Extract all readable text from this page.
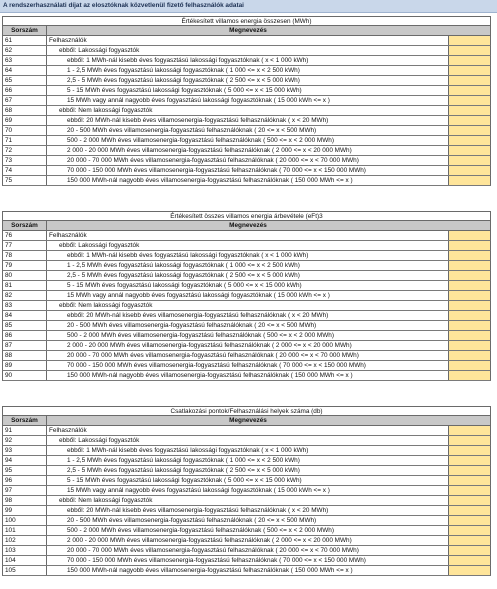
A rendszerhasználati díjat az elosztóknak közvetlenül fizető felhasználók adatai
Értékesített villamos energia összesen (MWh)
Sorszám	Megnevezés
61	Felhasználók
62	ebből: Lakossági fogyasztók
63	ebből: 1 MWh-nál kisebb éves fogyasztású lakossági fogyasztóknak ( x < 1 000 kWh)
64	1 - 2,5 MWh éves fogyasztású lakossági fogyasztóknak ( 1 000 <= x < 2 500 kWh)
65	2,5 - 5 MWh éves fogyasztású lakossági fogyasztóknak ( 2 500 <= x < 5 000 kWh)
66	5 - 15 MWh éves fogyasztású lakossági fogyasztóknak ( 5 000 <= x < 15 000 kWh)
67	15 MWh vagy annál nagyobb éves fogyasztású lakossági fogyasztóknak ( 15 000 kWh <= x )
68	ebből: Nem lakossági fogyasztók
69	ebből: 20 MWh-nál kisebb éves villamosenergia-fogyasztású felhasználóknak ( x < 20 MWh)
70	20 - 500 MWh éves villamosenergia-fogyasztású felhasználóknak ( 20 <= x < 500 MWh)
71	500 - 2 000 MWh éves villamosenergia-fogyasztású felhasználóknak ( 500 <= x < 2 000 MWh)
72	2 000 - 20 000 MWh éves villamosenergia-fogyasztású felhasználóknak ( 2 000 <= x < 20 000 MWh)
73	20 000 - 70 000 MWh éves villamosenergia-fogyasztású felhasználóknak ( 20 000 <= x < 70 000 MWh)
74	70 000 - 150 000 MWh éves villamosenergia-fogyasztású felhasználóknak ( 70 000 <= x < 150 000 MWh)
75	150 000 MWh-nál nagyobb éves villamosenergia-fogyasztású felhasználóknak ( 150 000 MWh <= x )
Értékesített összes villamos energia árbevétele (eFt)3
Sorszám	Megnevezés
76	Felhasználók
77	ebből: Lakossági fogyasztók
78	ebből: 1 MWh-nál kisebb éves fogyasztású lakossági fogyasztóknak ( x < 1 000 kWh)
79	1 - 2,5 MWh éves fogyasztású lakossági fogyasztóknak ( 1 000 <= x < 2 500 kWh)
80	2,5 - 5 MWh éves fogyasztású lakossági fogyasztóknak ( 2 500 <= x < 5 000 kWh)
81	5 - 15 MWh éves fogyasztású lakossági fogyasztóknak ( 5 000 <= x < 15 000 kWh)
82	15 MWh vagy annál nagyobb éves fogyasztású lakossági fogyasztóknak ( 15 000 kWh <= x )
83	ebből: Nem lakossági fogyasztók
84	ebből: 20 MWh-nál kisebb éves villamosenergia-fogyasztású felhasználóknak ( x < 20 MWh)
85	20 - 500 MWh éves villamosenergia-fogyasztású felhasználóknak ( 20 <= x < 500 MWh)
86	500 - 2 000 MWh éves villamosenergia-fogyasztású felhasználóknak ( 500 <= x < 2 000 MWh)
87	2 000 - 20 000 MWh éves villamosenergia-fogyasztású felhasználóknak ( 2 000 <= x < 20 000 MWh)
88	20 000 - 70 000 MWh éves villamosenergia-fogyasztású felhasználóknak ( 20 000 <= x < 70 000 MWh)
89	70 000 - 150 000 MWh éves villamosenergia-fogyasztású felhasználóknak ( 70 000 <= x < 150 000 MWh)
90	150 000 MWh-nál nagyobb éves villamosenergia-fogyasztású felhasználóknak ( 150 000 MWh <= x )
Csatlakozási pontok/Felhasználási helyek száma (db)
Sorszám	Megnevezés
91	Felhasználók
92	ebből: Lakossági fogyasztók
93	ebből: 1 MWh-nál kisebb éves fogyasztású lakossági fogyasztóknak ( x < 1 000 kWh)
94	1 - 2,5 MWh éves fogyasztású lakossági fogyasztóknak ( 1 000 <= x < 2 500 kWh)
95	2,5 - 5 MWh éves fogyasztású lakossági fogyasztóknak ( 2 500 <= x < 5 000 kWh)
96	5 - 15 MWh éves fogyasztású lakossági fogyasztóknak ( 5 000 <= x < 15 000 kWh)
97	15 MWh vagy annál nagyobb éves fogyasztású lakossági fogyasztóknak ( 15 000 kWh <= x )
98	ebből: Nem lakossági fogyasztók
99	ebből: 20 MWh-nál kisebb éves villamosenergia-fogyasztású felhasználóknak ( x < 20 MWh)
100	20 - 500 MWh éves villamosenergia-fogyasztású felhasználóknak ( 20 <= x < 500 MWh)
101	500 - 2 000 MWh éves villamosenergia-fogyasztású felhasználóknak ( 500 <= x < 2 000 MWh)
102	2 000 - 20 000 MWh éves villamosenergia-fogyasztású felhasználóknak ( 2 000 <= x < 20 000 MWh)
103	20 000 - 70 000 MWh éves villamosenergia-fogyasztású felhasználóknak ( 20 000 <= x < 70 000 MWh)
104	70 000 - 150 000 MWh éves villamosenergia-fogyasztású felhasználóknak ( 70 000 <= x < 150 000 MWh)
105	150 000 MWh-nál nagyobb éves villamosenergia-fogyasztású felhasználóknak ( 150 000 MWh <= x )
